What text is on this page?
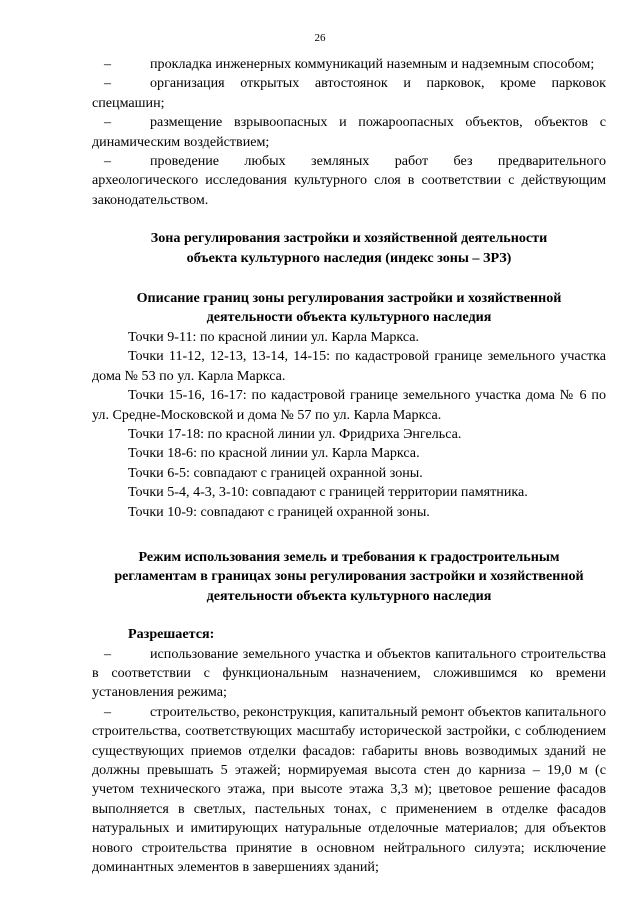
26

–	прокладка инженерных коммуникаций наземным и надземным способом;

–	организация открытых автостоянок и парковок, кроме парковок спецмашин;

–	размещение взрывоопасных и пожароопасных объектов, объектов с динамическим воздействием;

–	проведение любых земляных работ без предварительного археологического исследования культурного слоя в соответствии с действующим законодательством.

Зона регулирования застройки и хозяйственной деятельности

объекта культурного наследия (индекс зоны – ЗРЗ)

Описание границ зоны регулирования застройки и хозяйственной

деятельности объекта культурного наследия

Точки 9-11: по красной линии ул. Карла Маркса.

Точки 11-12, 12-13, 13-14, 14-15: по кадастровой границе земельного участка дома № 53 по ул. Карла Маркса.

Точки 15-16, 16-17: по кадастровой границе земельного участка дома № 6 по ул. Средне-Московской и дома № 57 по ул. Карла Маркса.

Точки 17-18: по красной линии ул. Фридриха Энгельса.

Точки 18-6: по красной линии ул. Карла Маркса.

Точки 6-5: совпадают с границей охранной зоны.

Точки 5-4, 4-3, 3-10: совпадают с границей территории памятника.

Точки 10-9: совпадают с границей охранной зоны.

Режим использования земель и требования к градостроительным

регламентам в границах зоны регулирования застройки и хозяйственной

деятельности объекта культурного наследия

Разрешается:

–	использование земельного участка и объектов капитального строительства в соответствии с функциональным назначением, сложившимся ко времени установления режима;

–	строительство, реконструкция, капитальный ремонт объектов капитального строительства, соответствующих масштабу исторической застройки, с соблюдением существующих приемов отделки фасадов: габариты вновь возводимых зданий не должны превышать 5 этажей; нормируемая высота стен до карниза – 19,0 м (с учетом технического этажа, при высоте этажа 3,3 м); цветовое решение фасадов выполняется в светлых, пастельных тонах, с применением в отделке фасадов натуральных и имитирующих натуральные отделочные материалов; для объектов нового строительства принятие в основном нейтрального силуэта; исключение доминантных элементов в завершениях зданий;
